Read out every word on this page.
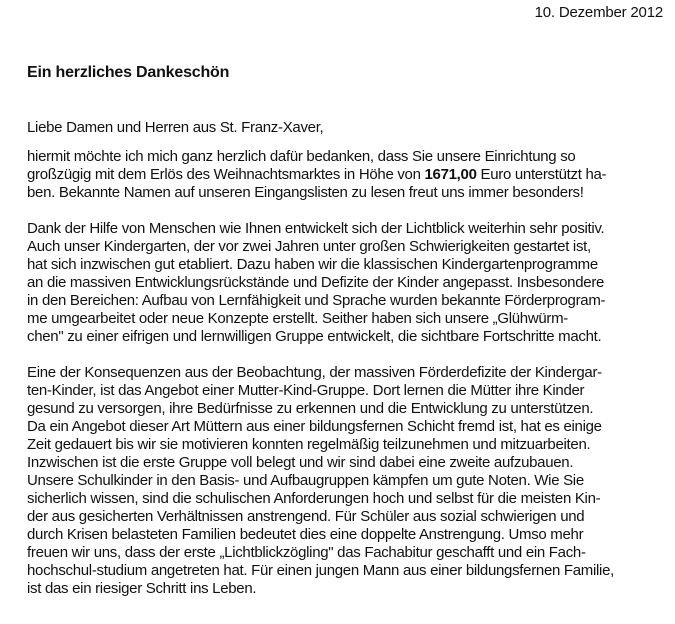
10. Dezember 2012
Ein herzliches Dankeschön
Liebe Damen und Herren aus St. Franz-Xaver,
hiermit möchte ich mich ganz herzlich dafür bedanken, dass Sie unsere Einrichtung so
großzügig mit dem Erlös des Weihnachtsmarktes in Höhe von 1671,00 Euro unterstützt ha-
ben. Bekannte Namen auf unseren Eingangslisten zu lesen freut uns immer besonders!
Dank der Hilfe von Menschen wie Ihnen entwickelt sich der Lichtblick weiterhin sehr positiv.
Auch unser Kindergarten, der vor zwei Jahren unter großen Schwierigkeiten gestartet ist,
hat sich inzwischen gut etabliert. Dazu haben wir die klassischen Kindergartenprogramme
an die massiven Entwicklungsrückstände und Defizite der Kinder angepasst. Insbesondere
in den Bereichen: Aufbau von Lernfähigkeit und Sprache wurden bekannte Förderprogram-
me umgearbeitet oder neue Konzepte erstellt. Seither haben sich unsere „Glühwürm-
chen" zu einer eifrigen und lernwilligen Gruppe entwickelt, die sichtbare Fortschritte macht.
Eine der Konsequenzen aus der Beobachtung, der massiven Förderdefizite der Kindergar-
ten-Kinder, ist das Angebot einer Mutter-Kind-Gruppe. Dort lernen die Mütter ihre Kinder
gesund zu versorgen, ihre Bedürfnisse zu erkennen und die Entwicklung zu unterstützen.
Da ein Angebot dieser Art Müttern aus einer bildungsfernen Schicht fremd ist, hat es einige
Zeit gedauert bis wir sie motivieren konnten regelmäßig teilzunehmen und mitzuarbeiten.
Inzwischen ist die erste Gruppe voll belegt und wir sind dabei eine zweite aufzubauen.
Unsere Schulkinder in den Basis- und Aufbaugruppen kämpfen um gute Noten. Wie Sie
sicherlich wissen, sind die schulischen Anforderungen hoch und selbst für die meisten Kin-
der aus gesicherten Verhältnissen anstrengend. Für Schüler aus sozial schwierigen und
durch Krisen belasteten Familien bedeutet dies eine doppelte Anstrengung. Umso mehr
freuen wir uns, dass der erste „Lichtblickzögling" das Fachabitur geschafft und ein Fach-
hochschul-studium angetreten hat. Für einen jungen Mann aus einer bildungsfernen Familie,
ist das ein riesiger Schritt ins Leben.
